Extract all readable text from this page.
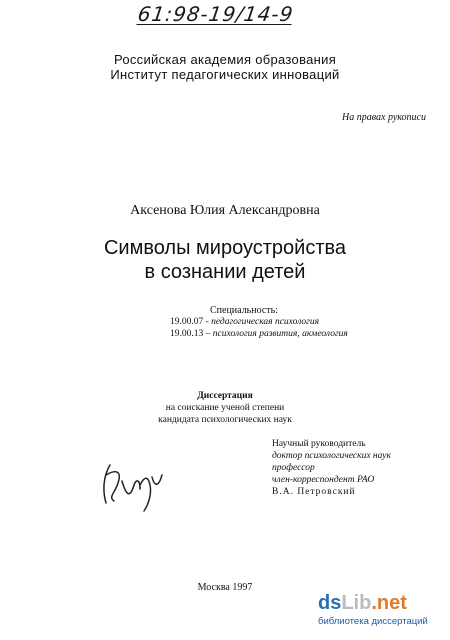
61:98-19/14-9
Российская академия образования
Институт педагогических инноваций
На правах рукописи
Аксенова Юлия Александровна
Символы мироустройства
в сознании детей
Специальность:
19.00.07 - педагогическая психология
19.00.13 – психология развития, акмеология
Диссертация
на соискание ученой степени
кандидата психологических наук
Научный руководитель
доктор психологических наук
профессор
член-корреспондент РАО
В.А. Петровский
Москва 1997
ds Lib .net
библиотека диссертаций
